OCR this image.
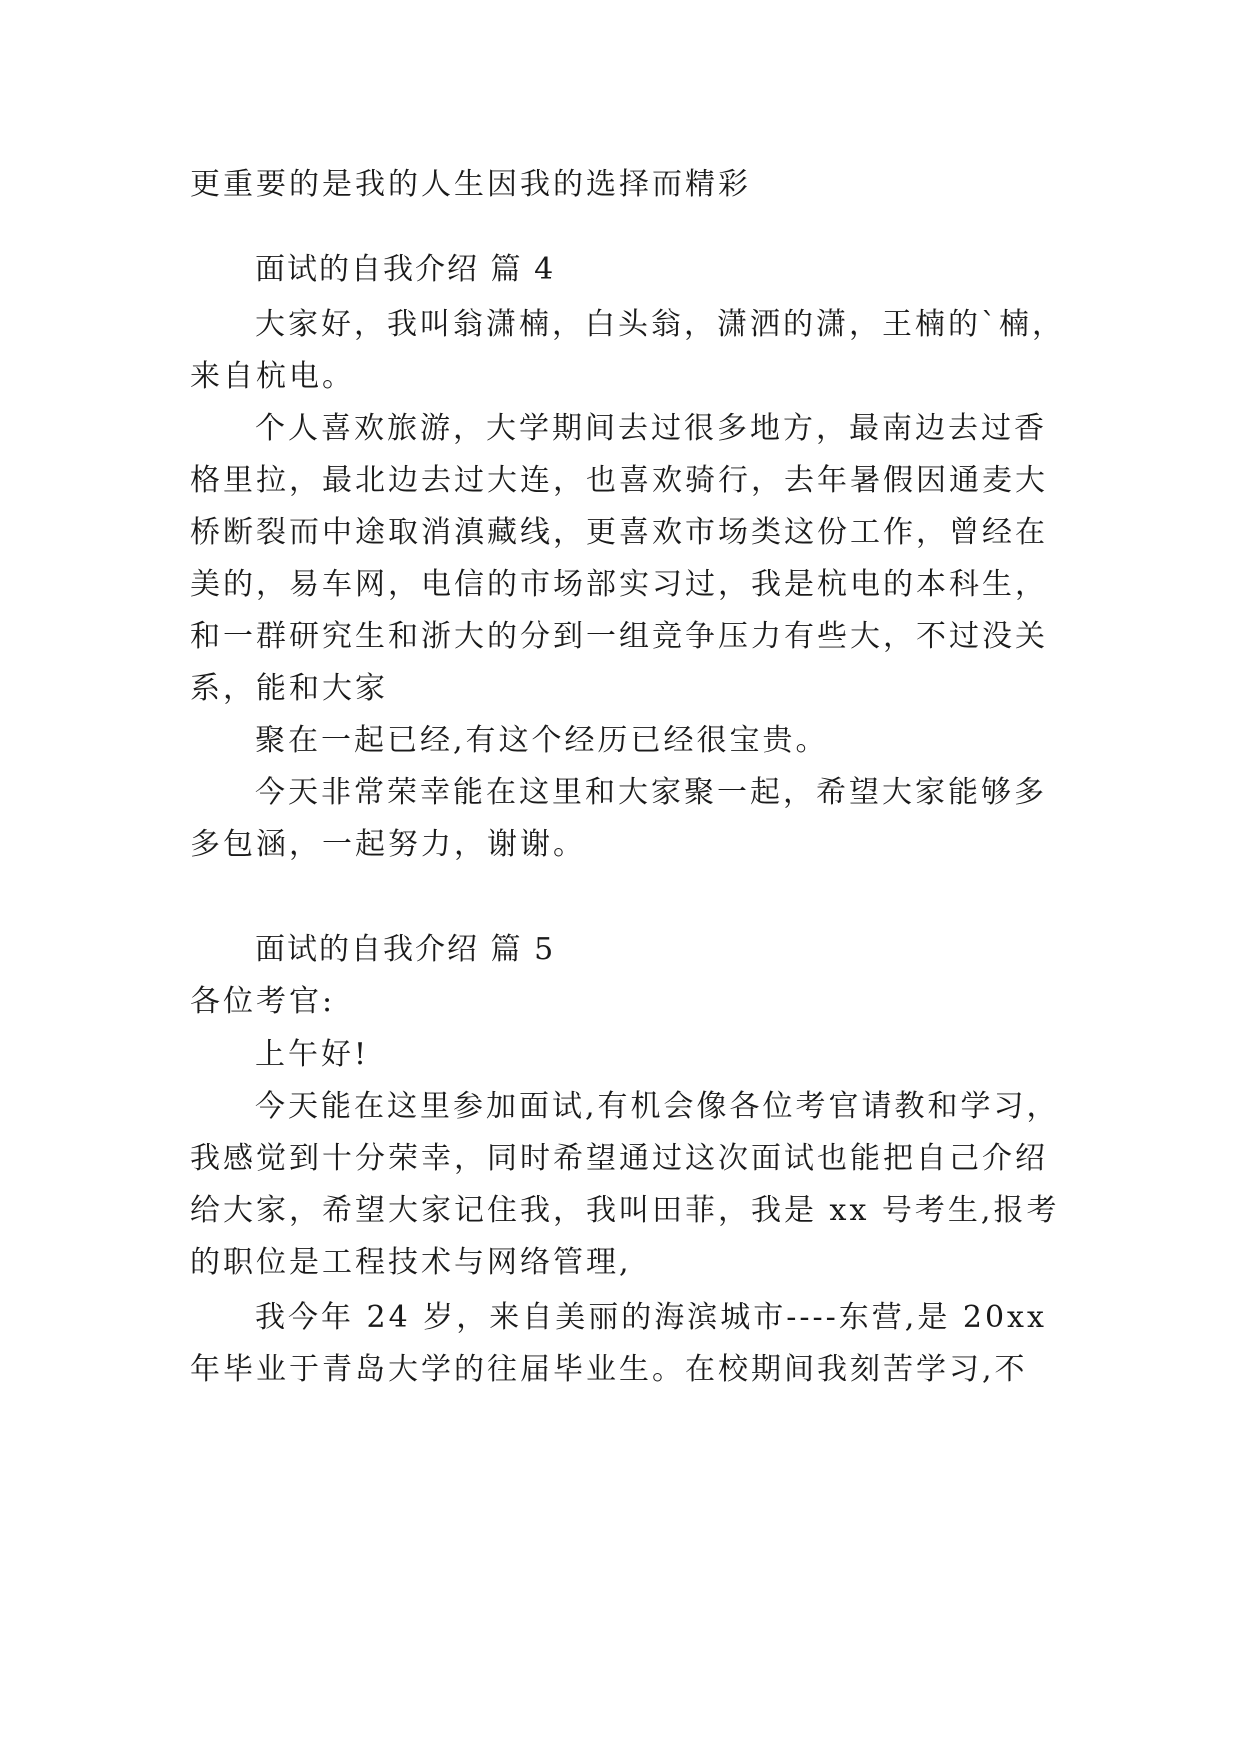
更重要的是我的人生因我的选择而精彩
面试的自我介绍 篇 4
大家好，我叫翁潇楠，白头翁，潇洒的潇，王楠的`楠，
来自杭电。
个人喜欢旅游，大学期间去过很多地方，最南边去过香
格里拉，最北边去过大连，也喜欢骑行，去年暑假因通麦大
桥断裂而中途取消滇藏线，更喜欢市场类这份工作，曾经在
美的，易车网，电信的市场部实习过，我是杭电的本科生，
和一群研究生和浙大的分到一组竞争压力有些大，不过没关
系，能和大家
聚在一起已经,有这个经历已经很宝贵。
今天非常荣幸能在这里和大家聚一起，希望大家能够多
多包涵，一起努力，谢谢。
面试的自我介绍 篇 5
各位考官:
上午好!
今天能在这里参加面试,有机会像各位考官请教和学习，
我感觉到十分荣幸，同时希望通过这次面试也能把自己介绍
给大家，希望大家记住我，我叫田菲，我是 xx 号考生,报考
的职位是工程技术与网络管理,
我今年 24 岁，来自美丽的海滨城市----东营,是 20xx
年毕业于青岛大学的往届毕业生。在校期间我刻苦学习,不
